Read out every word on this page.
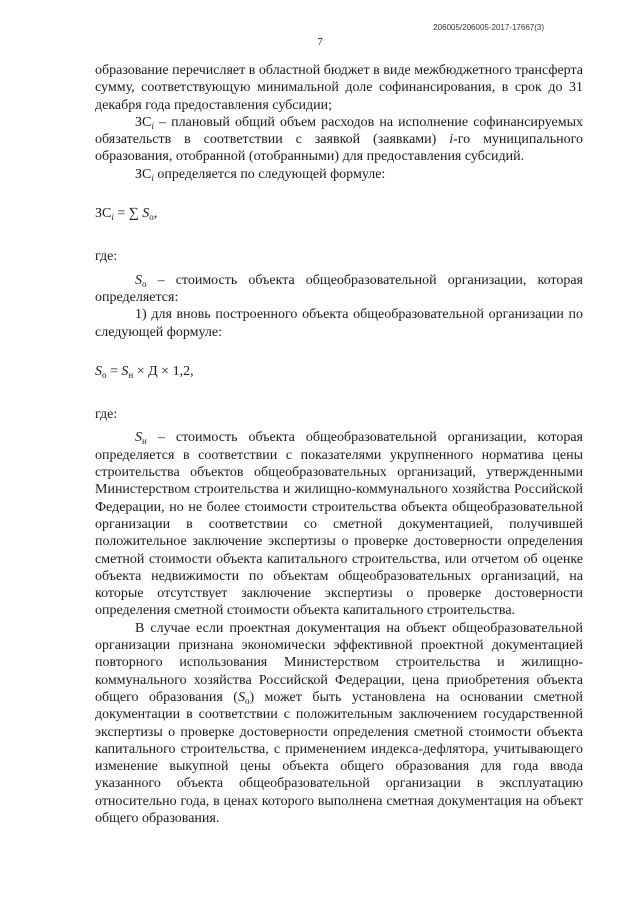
206005/206005-2017-17667(3)
7

образование перечисляет в областной бюджет в виде межбюджетного трансферта сумму, соответствующую минимальной доле софинансирования, в срок до 31 декабря года предоставления субсидии;

$ЗС_i$ – плановый общий объем расходов на исполнение софинансируемых обязательств в соответствии с заявкой (заявками) i-го муниципального образования, отобранной (отобранными) для предоставления субсидий.

$ЗС_i$ определяется по следующей формуле:

$ЗС_i$ = ∑ $S_o$,

где:

$S_o$ – стоимость объекта общеобразовательной организации, которая определяется:

1) для вновь построенного объекта общеобразовательной организации по следующей формуле:

$S_o = S_н \times Д \times 1,2$,

где:

$S_н$ – стоимость объекта общеобразовательной организации, которая определяется в соответствии с показателями укрупненного норматива цены строительства объектов общеобразовательных организаций, утвержденными Министерством строительства и жилищно-коммунального хозяйства Российской Федерации, но не более стоимости строительства объекта общеобразовательной организации в соответствии со сметной документацией, получившей положительное заключение экспертизы о проверке достоверности определения сметной стоимости объекта капитального строительства, или отчетом об оценке объекта недвижимости по объектам общеобразовательных организаций, на которые отсутствует заключение экспертизы о проверке достоверности определения сметной стоимости объекта капитального строительства.

В случае если проектная документация на объект общеобразовательной организации признана экономически эффективной проектной документацией повторного использования Министерством строительства и жилищно-коммунального хозяйства Российской Федерации, цена приобретения объекта общего образования $(S_o)$ может быть установлена на основании сметной документации в соответствии с положительным заключением государственной экспертизы о проверке достоверности определения сметной стоимости объекта капитального строительства, с применением индекса-дефлятора, учитывающего изменение выкупной цены объекта общего образования для года ввода указанного объекта общеобразовательной организации в эксплуатацию относительно года, в ценах которого выполнена сметная документация на объект общего образования.
